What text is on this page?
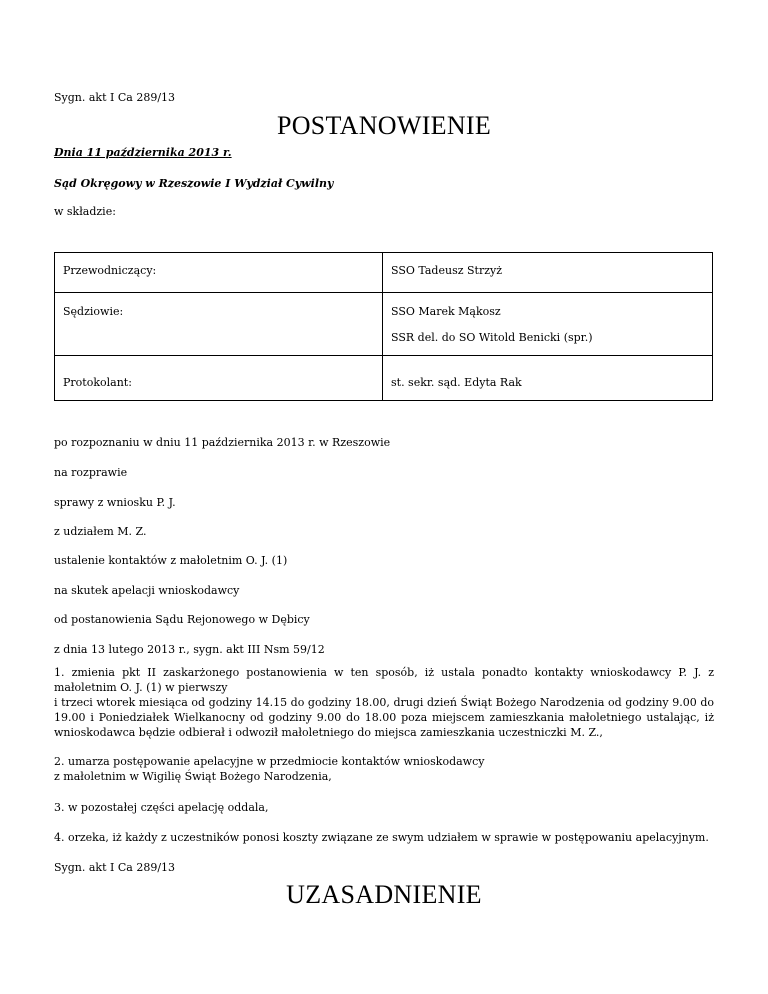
Sygn. akt I Ca 289/13
POSTANOWIENIE
Dnia 11 października 2013 r.
Sąd Okręgowy w Rzeszowie I Wydział Cywilny
w składzie:
Przewodniczący:	SSO Tadeusz Strzyż

Sędziowie:	SSO Marek Mąkosz
SSR del. do SO Witold Benicki (spr.)

Protokolant:	st. sekr. sąd. Edyta Rak
po rozpoznaniu w dniu 11 października 2013 r. w Rzeszowie
na rozprawie
sprawy z wniosku P. J.
z udziałem M. Z.
ustalenie kontaktów z małoletnim O. J. (1)
na skutek apelacji wnioskodawcy
od postanowienia Sądu Rejonowego w Dębicy
z dnia 13 lutego 2013 r., sygn. akt III Nsm 59/12
1. zmienia pkt II zaskarżonego postanowienia w ten sposób, iż ustala ponadto kontakty wnioskodawcy P. J. z małoletnim O. J. (1) w pierwszy
i trzeci wtorek miesiąca od godziny 14.15 do godziny 18.00, drugi dzień Świąt Bożego Narodzenia od godziny 9.00 do 19.00 i Poniedziałek Wielkanocny od godziny 9.00 do 18.00 poza miejscem zamieszkania małoletniego ustalając, iż wnioskodawca będzie odbierał i odwoził małoletniego do miejsca zamieszkania uczestniczki M. Z.,
2. umarza postępowanie apelacyjne w przedmiocie kontaktów wnioskodawcy
z małoletnim w Wigilię Świąt Bożego Narodzenia,
3. w pozostałej części apelację oddala,
4. orzeka, iż każdy z uczestników ponosi koszty związane ze swym udziałem w sprawie w postępowaniu apelacyjnym.
Sygn. akt I Ca 289/13
UZASADNIENIE
